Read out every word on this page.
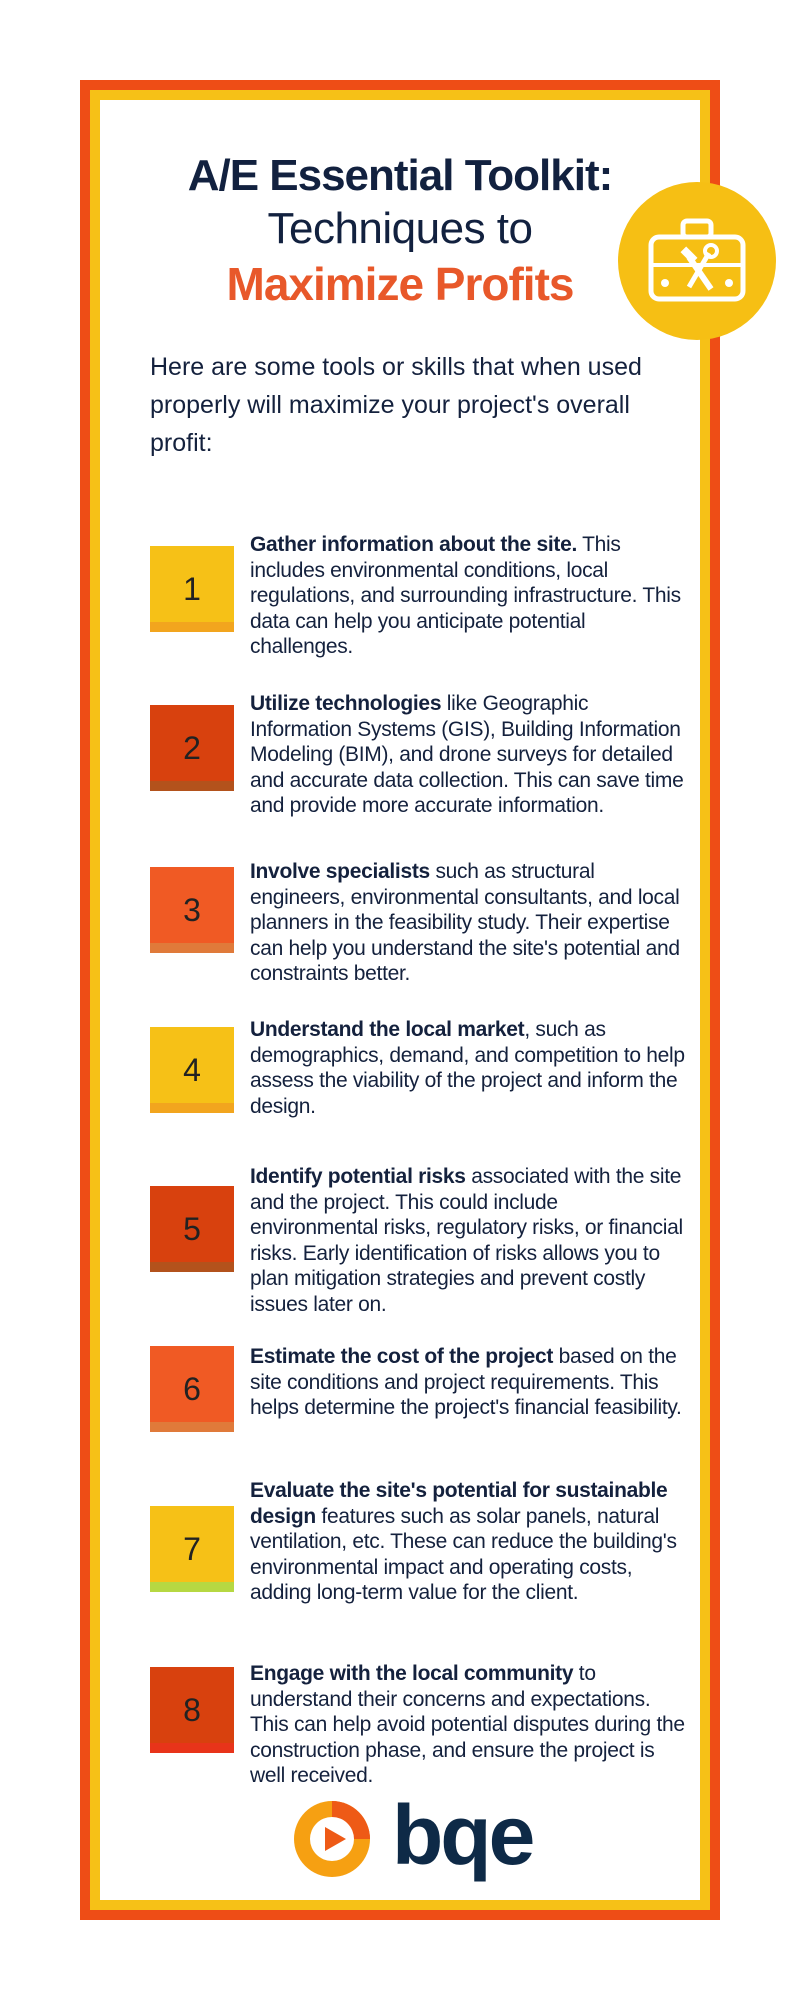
A/E Essential Toolkit:
Techniques to
Maximize Profits
Here are some tools or skills that when used properly will maximize your project's overall profit:
1
Gather information about the site. This includes environmental conditions, local regulations, and surrounding infrastructure. This data can help you anticipate potential challenges.
2
Utilize technologies like Geographic Information Systems (GIS), Building Information Modeling (BIM), and drone surveys for detailed and accurate data collection. This can save time and provide more accurate information.
3
Involve specialists such as structural engineers, environmental consultants, and local planners in the feasibility study. Their expertise can help you understand the site's potential and constraints better.
4
Understand the local market, such as demographics, demand, and competition to help assess the viability of the project and inform the design.
5
Identify potential risks associated with the site and the project. This could include environmental risks, regulatory risks, or financial risks. Early identification of risks allows you to plan mitigation strategies and prevent costly issues later on.
6
Estimate the cost of the project based on the site conditions and project requirements. This helps determine the project's financial feasibility.
7
Evaluate the site's potential for sustainable design features such as solar panels, natural ventilation, etc. These can reduce the building's environmental impact and operating costs, adding long-term value for the client.
8
Engage with the local community to understand their concerns and expectations. This can help avoid potential disputes during the construction phase, and ensure the project is well received.
bqe
